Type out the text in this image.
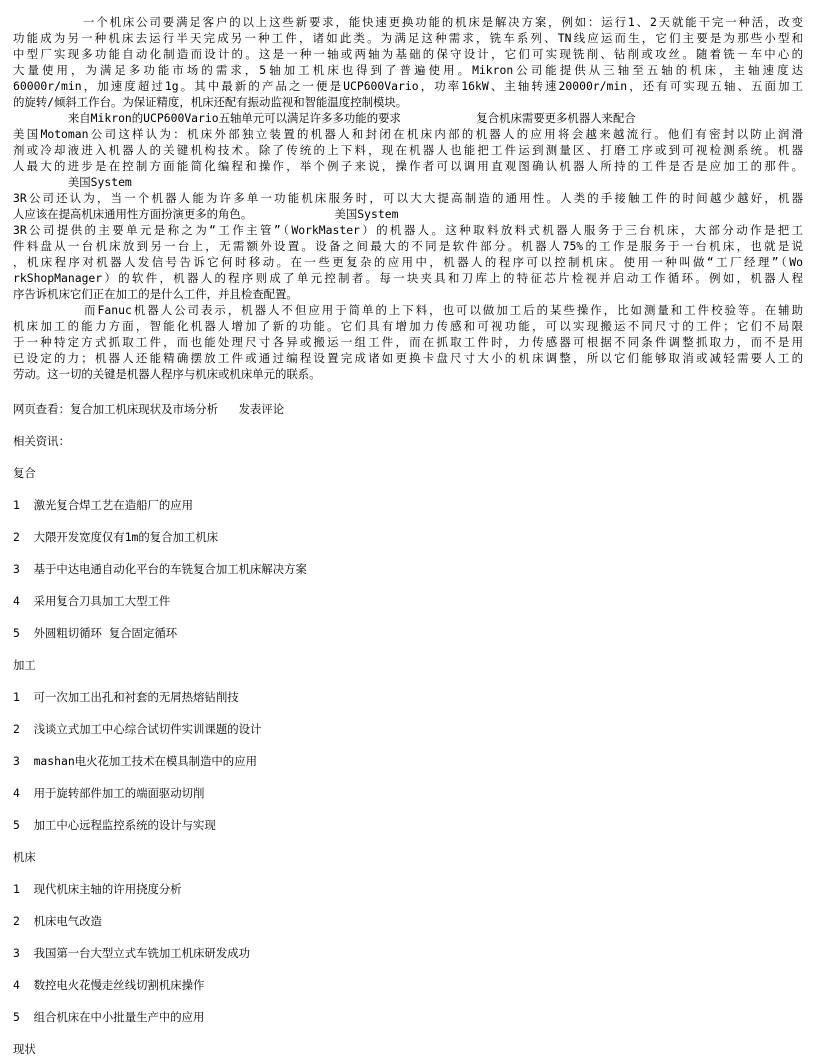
一个机床公司要满足客户的以上这些新要求，能快速更换功能的机床是解决方案，例如：运行1、2天就能干完一种活，改变
功能成为另一种机床去运行半天完成另一种工件，诸如此类。为满足这种需求，铣车系列、TN线应运而生，它们主要是为那些小型和
中型厂实现多功能自动化制造而设计的。这是一种一轴或两轴为基础的保守设计，它们可实现铣削、钻削或攻丝。随着铣－车中心的
大量使用，为满足多功能市场的需求，5轴加工机床也得到了普遍使用。Mikron公司能提供从三轴至五轴的机床，主轴速度达
60000r/min，加速度超过1g。其中最新的产品之一便是UCP600Vario，功率16kW、主轴转速20000r/min，还有可实现五轴、五面加工
的旋转/倾斜工作台。为保证精度，机床还配有振动监视和智能温度控制模块。
来自Mikron的UCP600Vario五轴单元可以满足许多多功能的要求           复合机床需要更多机器人来配合
美国Motoman公司这样认为：机床外部独立装置的机器人和封闭在机床内部的机器人的应用将会越来越流行。他们有密封以防止润滑
剂或冷却液进入机器人的关键机构技术。除了传统的上下料，现在机器人也能把工件运到测量区、打磨工序或到可视检测系统。机器
人最大的进步是在控制方面能简化编程和操作，举个例子来说，操作者可以调用直观图确认机器人所持的工件是否是应加工的那件。
美国System
3R公司还认为，当一个机器人能为许多单一功能机床服务时，可以大大提高制造的通用性。人类的手接触工件的时间越少越好，机器
人应该在提高机床通用性方面扮演更多的角色。            美国System
3R公司提供的主要单元是称之为“工作主管”（WorkMaster）的机器人。这种取料放料式机器人服务于三台机床，大部分动作是把工
件料盘从一台机床放到另一台上，无需额外设置。设备之间最大的不同是软件部分。机器人75%的工作是服务于一台机床，也就是说
，机床程序对机器人发信号告诉它何时移动。在一些更复杂的应用中，机器人的程序可以控制机床。使用一种叫做“工厂经理”（Wo
rkShopManager）的软件，机器人的程序则成了单元控制者。每一块夹具和刀库上的特征芯片检视并启动工作循环。例如，机器人程
序告诉机床它们正在加工的是什么工件，并且检查配置。
而Fanuc机器人公司表示，机器人不但应用于简单的上下料，也可以做加工后的某些操作，比如测量和工件校验等。在辅助
机床加工的能力方面，智能化机器人增加了新的功能。它们具有增加力传感和可视功能，可以实现搬运不同尺寸的工件；它们不局限
于一种特定方式抓取工件，而也能处理尺寸各异或搬运一组工件，而在抓取工件时，力传感器可根据不同条件调整抓取力，而不是用
已设定的力；机器人还能精确摆放工件或通过编程设置完成诸如更换卡盘尺寸大小的机床调整，所以它们能够取消或减轻需要人工的
劳动。这一切的关键是机器人程序与机床或机床单元的联系。
网页查看：复合加工机床现状及市场分析   发表评论
相关资讯：
复合
1  激光复合焊工艺在造船厂的应用
2  大隈开发宽度仅有1m的复合加工机床
3  基于中达电通自动化平台的车铣复合加工机床解决方案
4  采用复合刀具加工大型工件
5  外圆粗切循环 复合固定循环
加工
1  可一次加工出孔和衬套的无屑热熔钻削技
2  浅谈立式加工中心综合试切件实训课题的设计
3  mashan电火花加工技术在模具制造中的应用
4  用于旋转部件加工的端面驱动切削
5  加工中心远程监控系统的设计与实现
机床
1  现代机床主轴的许用挠度分析
2  机床电气改造
3  我国第一台大型立式车铣加工机床研发成功
4  数控电火花慢走丝线切割机床操作
5  组合机床在中小批量生产中的应用
现状
